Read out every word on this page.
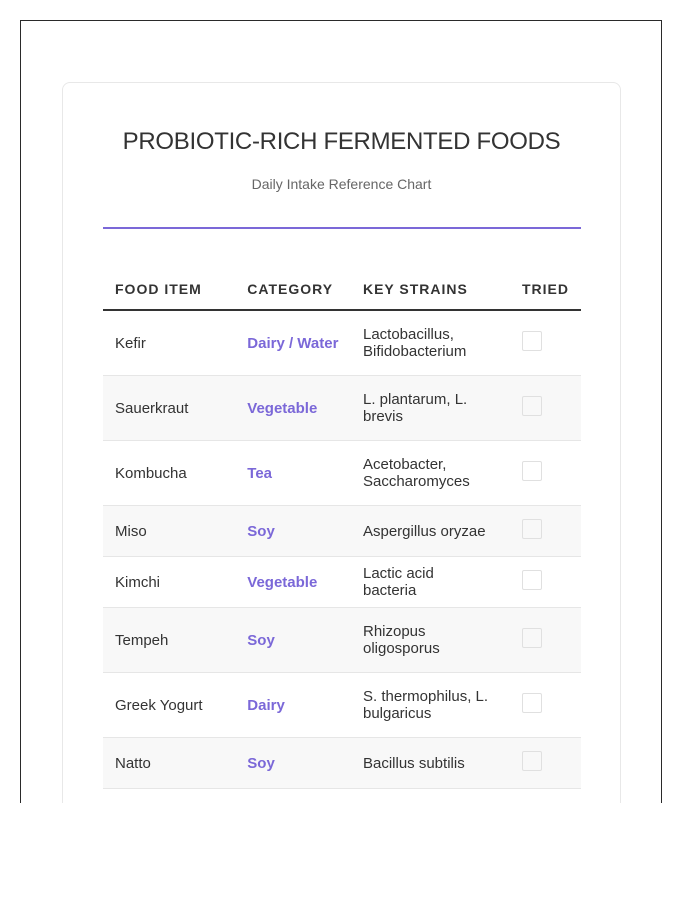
PROBIOTIC-RICH FERMENTED FOODS
Daily Intake Reference Chart
FOOD ITEM	CATEGORY	KEY STRAINS	TRIED
Kefir	Dairy / Water	Lactobacillus, Bifidobacterium	
Sauerkraut	Vegetable	L. plantarum, L. brevis	
Kombucha	Tea	Acetobacter, Saccharomyces	
Miso	Soy	Aspergillus oryzae	
Kimchi	Vegetable	Lactic acid bacteria	
Tempeh	Soy	Rhizopus oligosporus	
Greek Yogurt	Dairy	S. thermophilus, L. bulgaricus	
Natto	Soy	Bacillus subtilis	
